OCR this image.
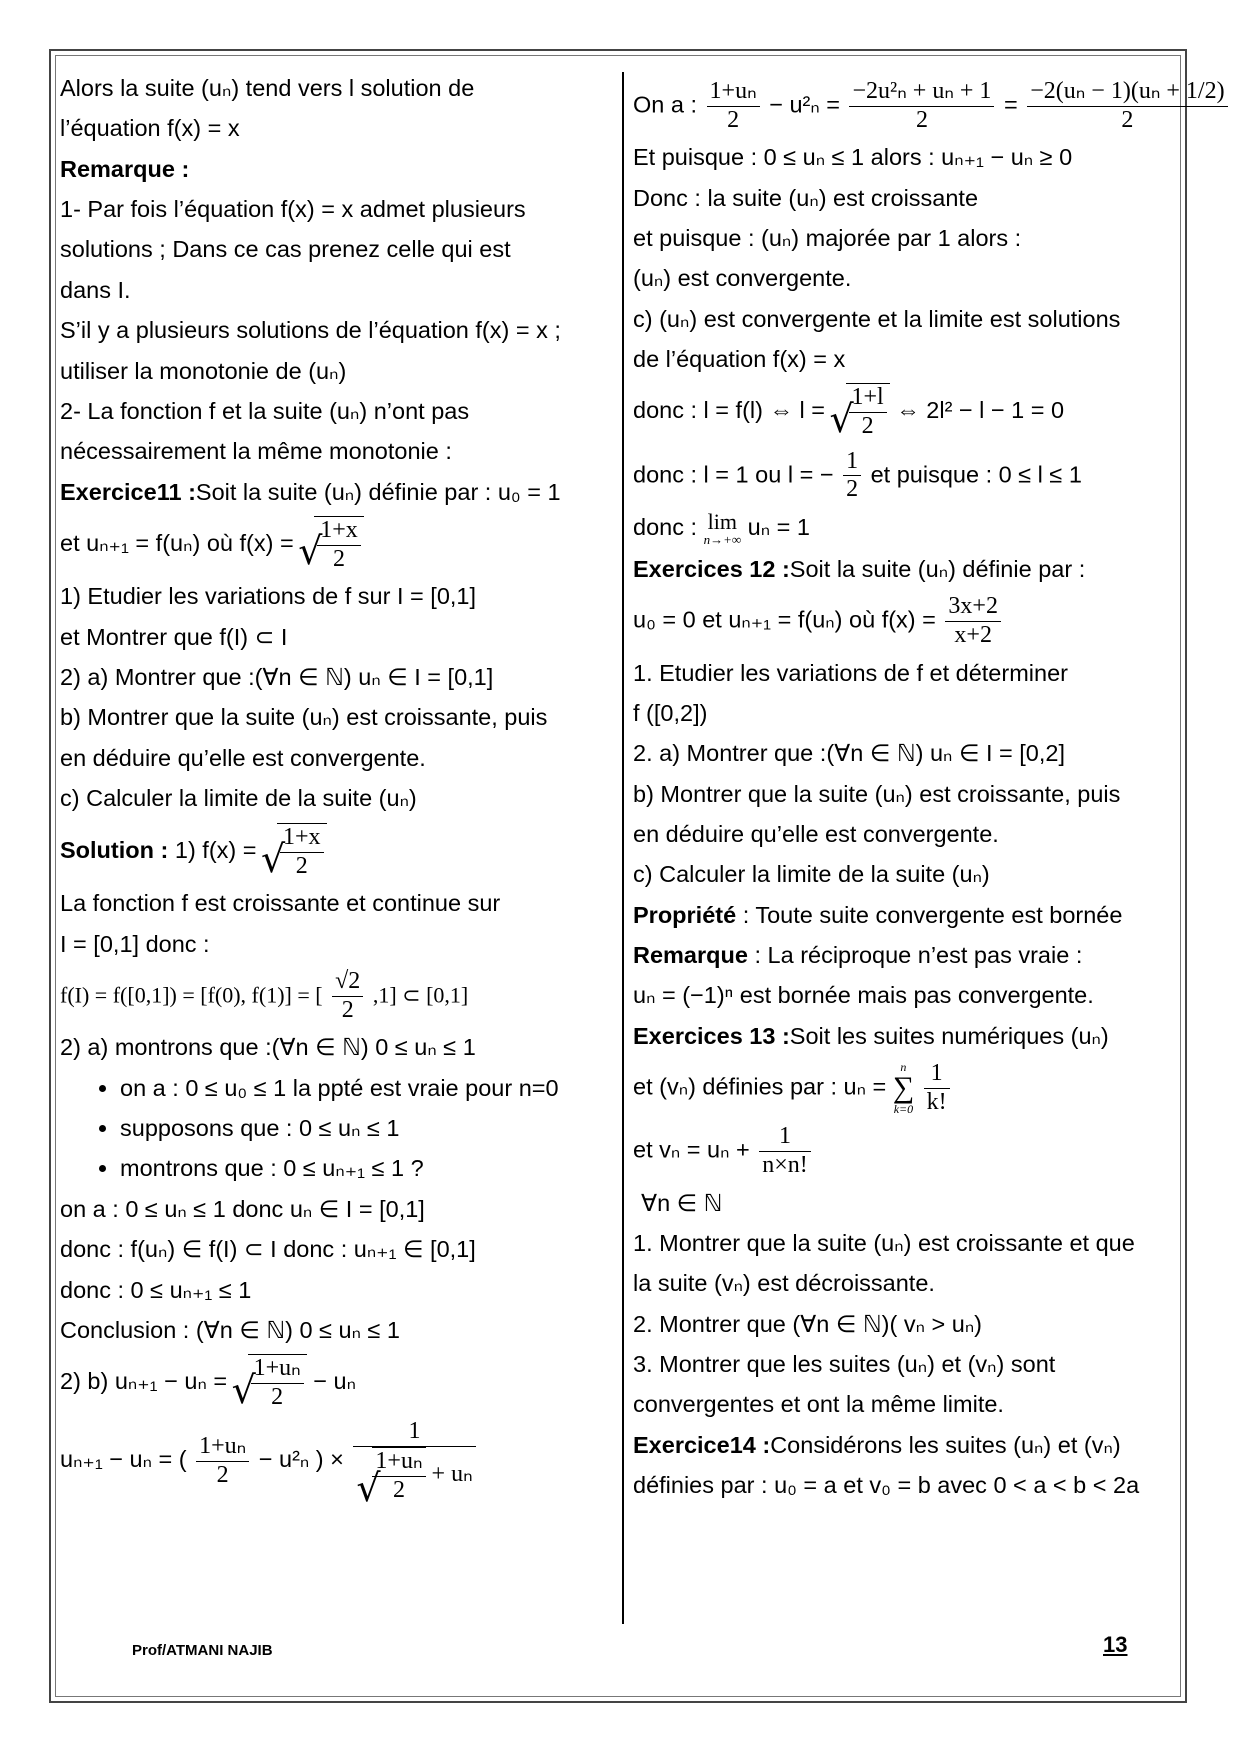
Alors la suite (uₙ) tend vers l solution de
l’équation f(x) = x
Remarque :
1- Par fois l’équation f(x) = x admet plusieurs
solutions ; Dans ce cas prenez celle qui est
dans I.
S’il y a plusieurs solutions de l’équation f(x) = x ;
utiliser la monotonie de (uₙ)
2- La fonction f et la suite (uₙ) n’ont pas
nécessairement la même monotonie :
Exercice11 :Soit la suite (uₙ) définie par : u₀ = 1
et uₙ₊₁ = f(uₙ) où f(x) = √ $\frac{1+x}{2}$
1) Etudier les variations de f sur I = [0,1]
et Montrer que f(I) ⊂ I
2) a) Montrer que :(∀n ∈ ℕ) uₙ ∈ I = [0,1]
b) Montrer que la suite (uₙ) est croissante, puis
en déduire qu’elle est convergente.
c) Calculer la limite de la suite (uₙ)
Solution : 1) f(x) = √ $\frac{1+x}{2}$
La fonction f est croissante et continue sur
I = [0,1] donc :
f(I) = f([0,1]) = [f(0), f(1)] = [ $\frac{√2}{2} ,1$] ⊂ [0,1]
2) a) montrons que :(∀n ∈ ℕ) 0 ≤ uₙ ≤ 1
• on a : 0 ≤ u₀ ≤ 1 la ppté est vraie pour n=0
• supposons que : 0 ≤ uₙ ≤ 1
• montrons que : 0 ≤ uₙ₊₁ ≤ 1 ?
on a : 0 ≤ uₙ ≤ 1 donc uₙ ∈ I = [0,1]
donc : f(uₙ) ∈ f(I) ⊂ I donc : uₙ₊₁ ∈ [0,1]
donc : 0 ≤ uₙ₊₁ ≤ 1
Conclusion : (∀n ∈ ℕ) 0 ≤ uₙ ≤ 1
2) b) uₙ₊₁ − uₙ = √ $\frac{\text{1+uₙ}}{2} - u_n$
uₙ₊₁ − uₙ = ( $\frac{\text{1+uₙ}}{2} - u^2_n$ ) × 1
√ $\frac{\text{1+uₙ}}{2} + u_n$
On a : $\frac{\text{1+uₙ}}{2} - u^2_n = \frac{\text{−2u²ₙ + uₙ + 1}}{2} = \frac{\text{−2(uₙ − 1)(uₙ + 1/2)}}{2}$
Et puisque : 0 ≤ uₙ ≤ 1 alors : uₙ₊₁ − uₙ ≥ 0
Donc : la suite (uₙ) est croissante
et puisque : (uₙ) majorée par 1 alors :
(uₙ) est convergente.
c) (uₙ) est convergente et la limite est solutions
de l’équation f(x) = x
donc : l = f(l) ⇔ l = √ $\frac{1+l}{2}$ ⇔ 2l² − l − 1 = 0
donc : l = 1 ou l = − $\frac{1}{2}$ et puisque : 0 ≤ l ≤ 1
donc : lim
n→+∞ uₙ = 1
Exercices 12 :Soit la suite (uₙ) définie par :
u₀ = 0 et uₙ₊₁ = f(uₙ) où $f(x) = \frac{3x+2}{x+2}$
1. Etudier les variations de f et déterminer
f ([0,2])
2. a) Montrer que :(∀n ∈ ℕ) uₙ ∈ I = [0,2]
b) Montrer que la suite (uₙ) est croissante, puis
en déduire qu’elle est convergente.
c) Calculer la limite de la suite (uₙ)
Propriété : Toute suite convergente est bornée
Remarque : La réciproque n’est pas vraie :
uₙ = (−1)ⁿ est bornée mais pas convergente.
Exercices 13 :Soit les suites numériques (uₙ)
et (vₙ) définies par : uₙ =
n
∑
k=0
$\frac{1}{k!}$
et $v_n = u_n + \frac{1}{n\times n!}$
∀n ∈ ℕ
1. Montrer que la suite (uₙ) est croissante et que
la suite (vₙ) est décroissante.
2. Montrer que (∀n ∈ ℕ)( vₙ > uₙ)
3. Montrer que les suites (uₙ) et (vₙ) sont
convergentes et ont la même limite.
Exercice14 :Considérons les suites (uₙ) et (vₙ)
définies par : u₀ = a et v₀ = b avec 0 < a < b < 2a
Prof/ATMANI NAJIB	13
